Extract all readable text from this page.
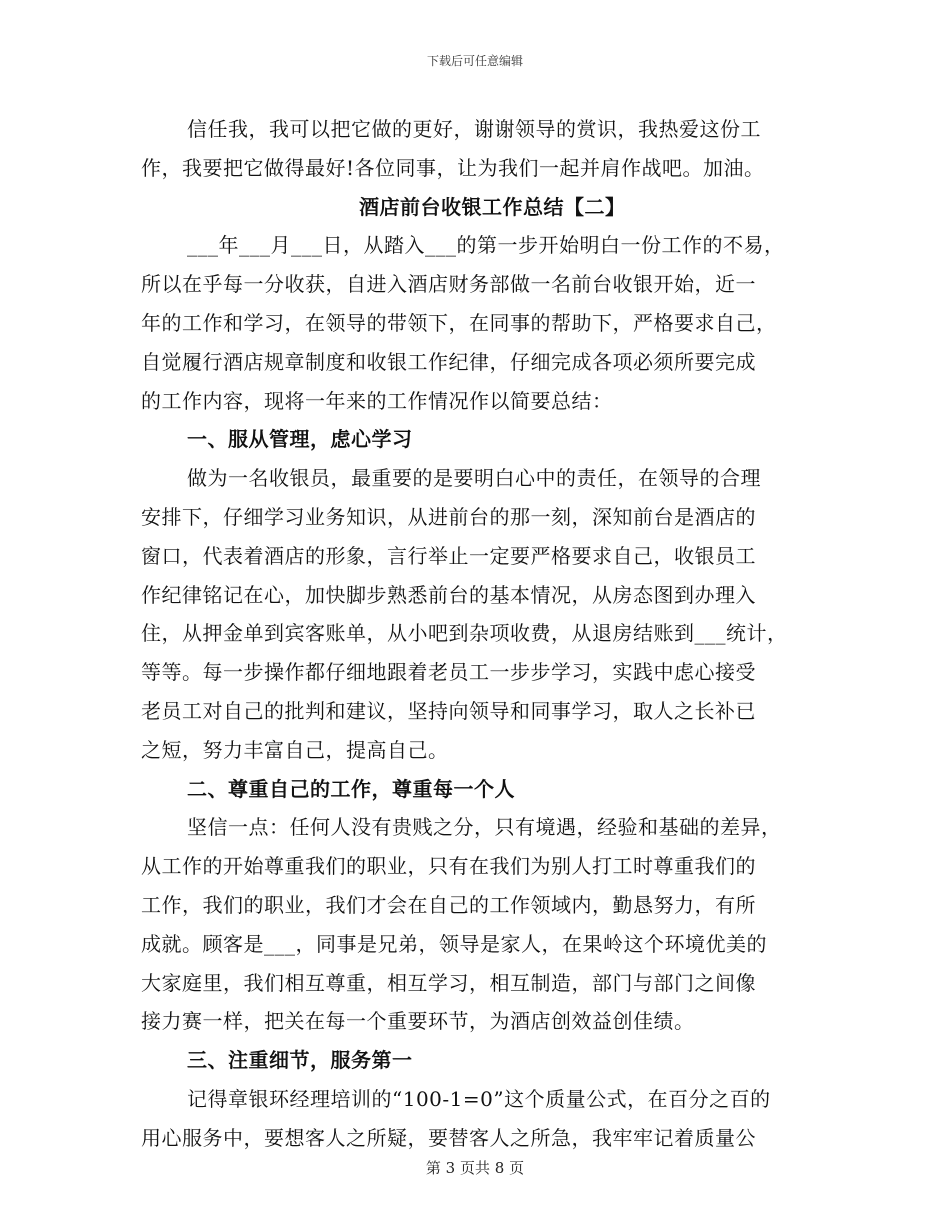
下载后可任意编辑
信任我，我可以把它做的更好，谢谢领导的赏识，我热爱这份工
作，我要把它做得最好!各位同事，让为我们一起并肩作战吧。加油。
酒店前台收银工作总结【二】
___年___月___日，从踏入___的第一步开始明白一份工作的不易，
所以在乎每一分收获，自进入酒店财务部做一名前台收银开始，近一
年的工作和学习，在领导的带领下，在同事的帮助下，严格要求自己，
自觉履行酒店规章制度和收银工作纪律，仔细完成各项必须所要完成
的工作内容，现将一年来的工作情况作以简要总结：
一、服从管理，虑心学习
做为一名收银员，最重要的是要明白心中的责任，在领导的合理
安排下，仔细学习业务知识，从进前台的那一刻，深知前台是酒店的
窗口，代表着酒店的形象，言行举止一定要严格要求自己，收银员工
作纪律铭记在心，加快脚步熟悉前台的基本情况，从房态图到办理入
住，从押金单到宾客账单，从小吧到杂项收费，从退房结账到___统计，
等等。每一步操作都仔细地跟着老员工一步步学习，实践中虑心接受
老员工对自己的批判和建议，坚持向领导和同事学习，取人之长补已
之短，努力丰富自己，提高自己。
二、尊重自己的工作，尊重每一个人
坚信一点：任何人没有贵贱之分，只有境遇，经验和基础的差异，
从工作的开始尊重我们的职业，只有在我们为别人打工时尊重我们的
工作，我们的职业，我们才会在自己的工作领域内，勤恳努力，有所
成就。顾客是___，同事是兄弟，领导是家人，在果岭这个环境优美的
大家庭里，我们相互尊重，相互学习，相互制造，部门与部门之间像
接力赛一样，把关在每一个重要环节，为酒店创效益创佳绩。
三、注重细节，服务第一
记得章银环经理培训的“100-1=0”这个质量公式，在百分之百的
用心服务中，要想客人之所疑，要替客人之所急，我牢牢记着质量公
第 3 页共 8 页
